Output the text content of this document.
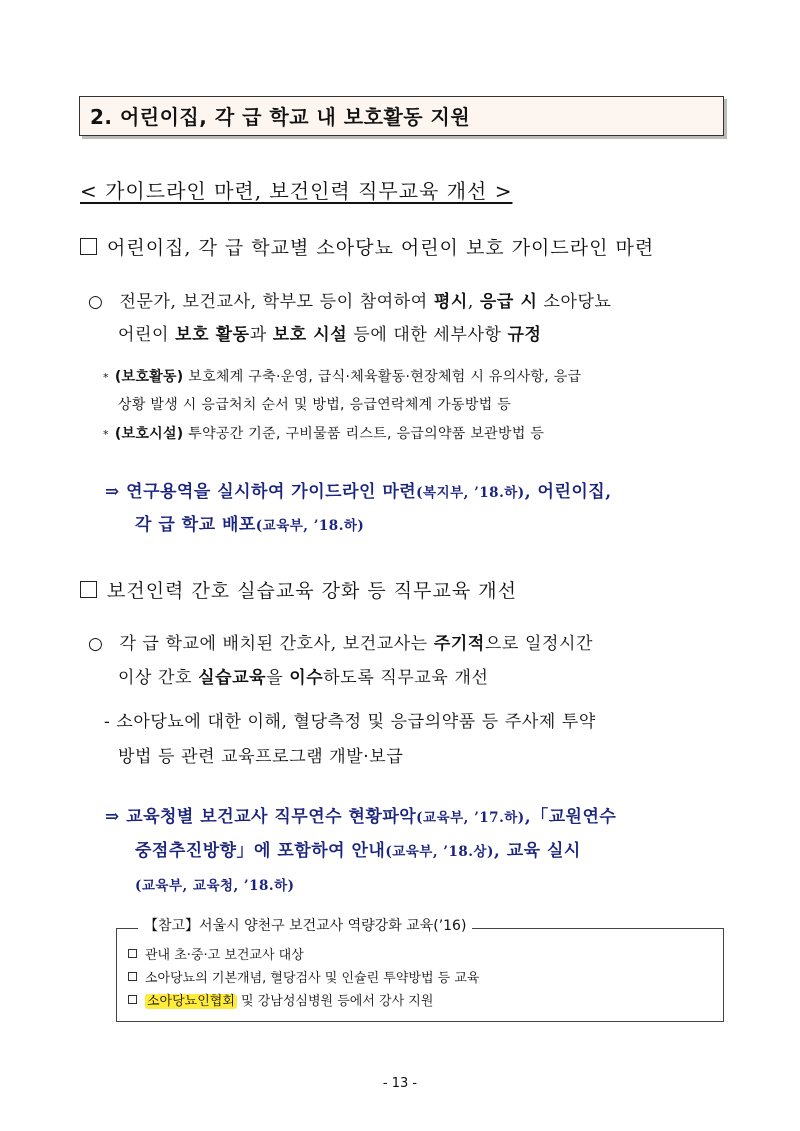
2. 어린이집, 각 급 학교 내 보호활동 지원
< 가이드라인 마련, 보건인력 직무교육 개선 >
어린이집, 각 급 학교별 소아당뇨 어린이 보호 가이드라인 마련
○ 전문가, 보건교사, 학부모 등이 참여하여 평시, 응급 시 소아당뇨
어린이 보호 활동과 보호 시설 등에 대한 세부사항 규정
* (보호활동) 보호체계 구축·운영, 급식·체육활동·현장체험 시 유의사항, 응급
상황 발생 시 응급처치 순서 및 방법, 응급연락체계 가동방법 등
* (보호시설) 투약공간 기준, 구비물품 리스트, 응급의약품 보관방법 등
⇒ 연구용역을 실시하여 가이드라인 마련(복지부, ’18.하), 어린이집,
각 급 학교 배포(교육부, ’18.하)
보건인력 간호 실습교육 강화 등 직무교육 개선
○ 각 급 학교에 배치된 간호사, 보건교사는 주기적으로 일정시간
이상 간호 실습교육을 이수하도록 직무교육 개선
- 소아당뇨에 대한 이해, 혈당측정 및 응급의약품 등 주사제 투약
방법 등 관련 교육프로그램 개발·보급
⇒ 교육청별 보건교사 직무연수 현황파악(교육부, ’17.하),「교원연수
중점추진방향」에 포함하여 안내(교육부, ’18.상), 교육 실시
(교육부, 교육청, ’18.하)
【참고】서울시 양천구 보건교사 역량강화 교육(’16)
관내 초·중·고 보건교사 대상
소아당뇨의 기본개념, 혈당검사 및 인슐린 투약방법 등 교육
소아당뇨인협회 및 강남성심병원 등에서 강사 지원
- 13 -
